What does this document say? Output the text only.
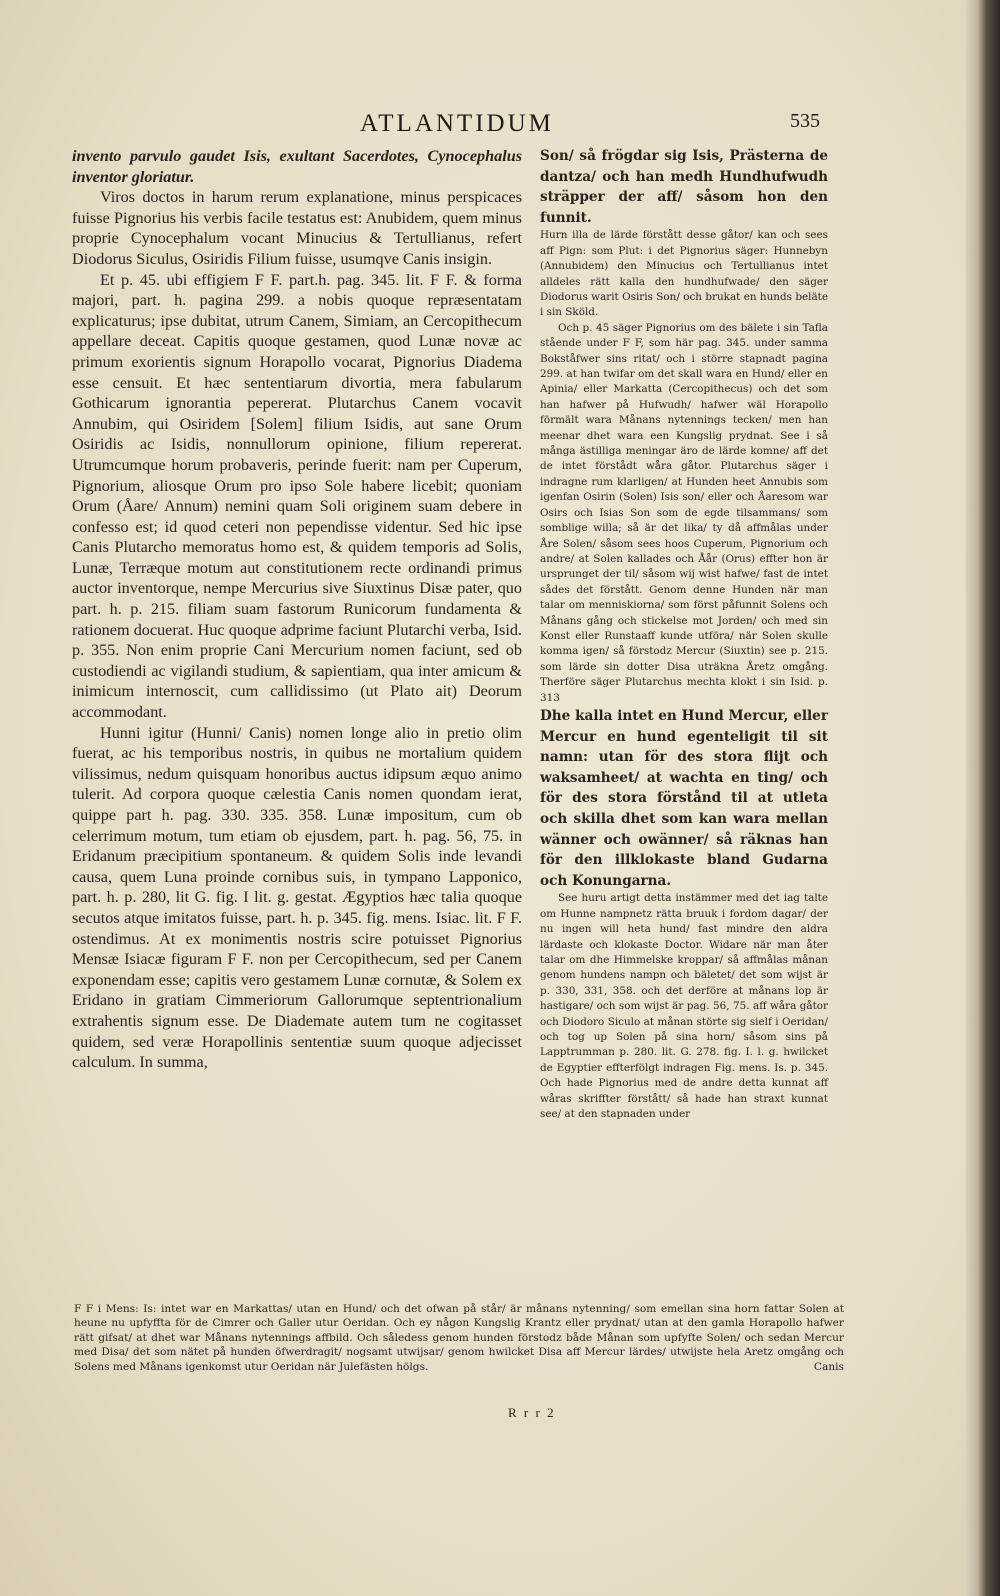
ATLANTIDUM	535

invento parvulo gaudet Isis, exultant Sacerdotes, Cynocephalus inventor gloriatur.

Viros doctos in harum rerum explanatione, minus perspicaces fuisse Pignorius his verbis facile testatus est: Anubidem, quem minus proprie Cynocephalum vocant Minucius & Tertullianus, refert Diodorus Siculus, Osiridis Filium fuisse, usumqve Canis insigin.

Et p. 45. ubi effigiem F F. part.h. pag. 345. lit. F F. & forma majori, part. h. pagina 299. a nobis quoque repræsentatam explicaturus; ipse dubitat, utrum Canem, Simiam, an Cercopithecum appellare deceat. Capitis quoque gestamen, quod Lunæ novæ ac primum exorientis signum Horapollo vocarat, Pignorius Diadema esse censuit. Et hæc sententiarum divortia, mera fabularum Gothicarum ignorantia pepererat. Plutarchus Canem vocavit Annubim, qui Osiridem [Solem] filium Isidis, aut sane Orum Osiridis ac Isidis, nonnullorum opinione, filium repererat. Utrumcumque horum probaveris, perinde fuerit: nam per Cuperum, Pignorium, aliosque Orum pro ipso Sole habere licebit; quoniam Orum (Åare/ Annum) nemini quam Soli originem suam debere in confesso est; id quod ceteri non pependisse videntur. Sed hic ipse Canis Plutarcho memoratus homo est, & quidem temporis ad Solis, Lunæ, Terræque motum aut constitutionem recte ordinandi primus auctor inventorque, nempe Mercurius sive Siuxtinus Disæ pater, quo part. h. p. 215. filiam suam fastorum Runicorum fundamenta & rationem docuerat. Huc quoque adprime faciunt Plutarchi verba, Isid. p. 355. Non enim proprie Cani Mercurium nomen faciunt, sed ob custodiendi ac vigilandi studium, & sapientiam, qua inter amicum & inimicum internoscit, cum callidissimo (ut Plato ait) Deorum accommodant.

Hunni igitur (Hunni/ Canis) nomen longe alio in pretio olim fuerat, ac his temporibus nostris, in quibus ne mortalium quidem vilissimus, nedum quisquam honoribus auctus idipsum æquo animo tulerit. Ad corpora quoque cælestia Canis nomen quondam ierat, quippe part h. pag. 330. 335. 358. Lunæ impositum, cum ob celerrimum motum, tum etiam ob ejusdem, part. h. pag. 56, 75. in Eridanum præcipitium spontaneum. & quidem Solis inde levandi causa, quem Luna proinde cornibus suis, in tympano Lapponico, part. h. p. 280, lit G. fig. I lit. g. gestat. Ægyptios hæc talia quoque secutos atque imitatos fuisse, part. h. p. 345. fig. mens. Isiac. lit. F F. ostendimus. At ex monimentis nostris scire potuisset Pignorius Mensæ Isiacæ figuram F F. non per Cercopithecum, sed per Canem exponendam esse; capitis vero gestamem Lunæ cornutæ, & Solem ex Eridano in gratiam Cimmeriorum Gallorumque septentrionalium extrahentis signum esse. De Diademate autem tum ne cogitasset quidem, sed veræ Horapollinis sententiæ suum quoque adjecisset calculum. In summa,

Son/ så frögdar sig Isis, Prästerna de dantza/ och han medh Hundhufwudh sträpper der aff/ såsom hon den funnit.

Hurn illa de lärde förstått desse gåtor/ kan och sees aff Pign: som Plut: i det Pignorius säger: Hunnebyn (Annubidem) den Minucius och Tertullianus intet alldeles rätt kalla den hundhufwade/ den säger Diodorus warit Osiris Son/ och brukat en hunds beläte i sin Sköld.

Och p. 45 säger Pignorius om des bälete i sin Tafla stående under F F, som här pag. 345. under samma Bokståfwer sins ritat/ och i större stapnadt pagina 299. at han twifar om det skall wara en Hund/ eller en Apinia/ eller Markatta (Cercopithecus) och det som han hafwer på Hufwudh/ hafwer wäl Horapollo förmält wara Månans nytennings tecken/ men han meenar dhet wara een Kungslig prydnat. See i så många ästilliga meningar äro de lärde komne/ aff det de intet förstådt wåra gåtor. Plutarchus säger i indragne rum klarligen/ at Hunden heet Annubis som igenfan Osirin (Solen) Isis son/ eller och Åaresom war Osirs och Isias Son som de egde tilsammans/ som somblige willa; så är det lika/ ty då affmålas under Åre Solen/ såsom sees hoos Cuperum, Pignorium och andre/ at Solen kallades och Åår (Orus) effter hon är ursprunget der til/ såsom wij wist hafwe/ fast de intet sådes det förstått. Genom denne Hunden när man talar om menniskiorna/ som först påfunnit Solens och Månans gång och stickelse mot Jorden/ och med sin Konst eller Runstaaff kunde utföra/ när Solen skulle komma igen/ så förstodz Mercur (Siuxtin) see p. 215. som lärde sin dotter Disa uträkna Åretz omgång. Therföre säger Plutarchus mechta klokt i sin Isid. p. 313

Dhe kalla intet en Hund Mercur, eller Mercur en hund egenteligit til sit namn: utan för des stora flijt och waksamheet/ at wachta en ting/ och för des stora förstånd til at utleta och skilla dhet som kan wara mellan wänner och owänner/ så räknas han för den illklokaste bland Gudarna och Konungarna.

See huru artigt detta instämmer med det iag talte om Hunne nampnetz rätta bruuk i fordom dagar/ der nu ingen will heta hund/ fast mindre den aldra lärdaste och klokaste Doctor. Widare när man åter talar om dhe Himmelske kroppar/ så affmålas månan genom hundens nampn och bäletet/ det som wijst är p. 330, 331, 358. och det derföre at månans lop är hastigare/ och som wijst är pag. 56, 75. aff wåra gåtor och Diodoro Siculo at månan störte sig sielf i Oeridan/ och tog up Solen på sina horn/ såsom sins på Lapptrumman p. 280. lit. G. 278. fig. I. l. g. hwilcket de Egyptier effterfölgt indragen Fig. mens. Is. p. 345. Och hade Pignorius med de andre detta kunnat aff wåras skriffter förstått/ så hade han straxt kunnat see/ at den stapnaden under

F F i Mens: Is: intet war en Markattas/ utan en Hund/ och det ofwan på står/ är månans nytenning/ som emellan sina horn fattar Solen at heune nu upfyffta för de Cimrer och Galler utur Oeridan. Och ey någon Kungslig Krantz eller prydnat/ utan at den gamla Horapollo hafwer rätt gifsat/ at dhet war Månans nytennings affbild. Och såledess genom hunden förstodz både Månan som upfyfte Solen/ och sedan Mercur med Disa/ det som nätet på hunden öfwerdragit/ nogsamt utwijsar/ genom hwilcket Disa aff Mercur lärdes/ utwijste hela Aretz omgång och Solens med Månans igenkomst utur Oeridan när Julefästen hölgs.	Canis
R r r 2
